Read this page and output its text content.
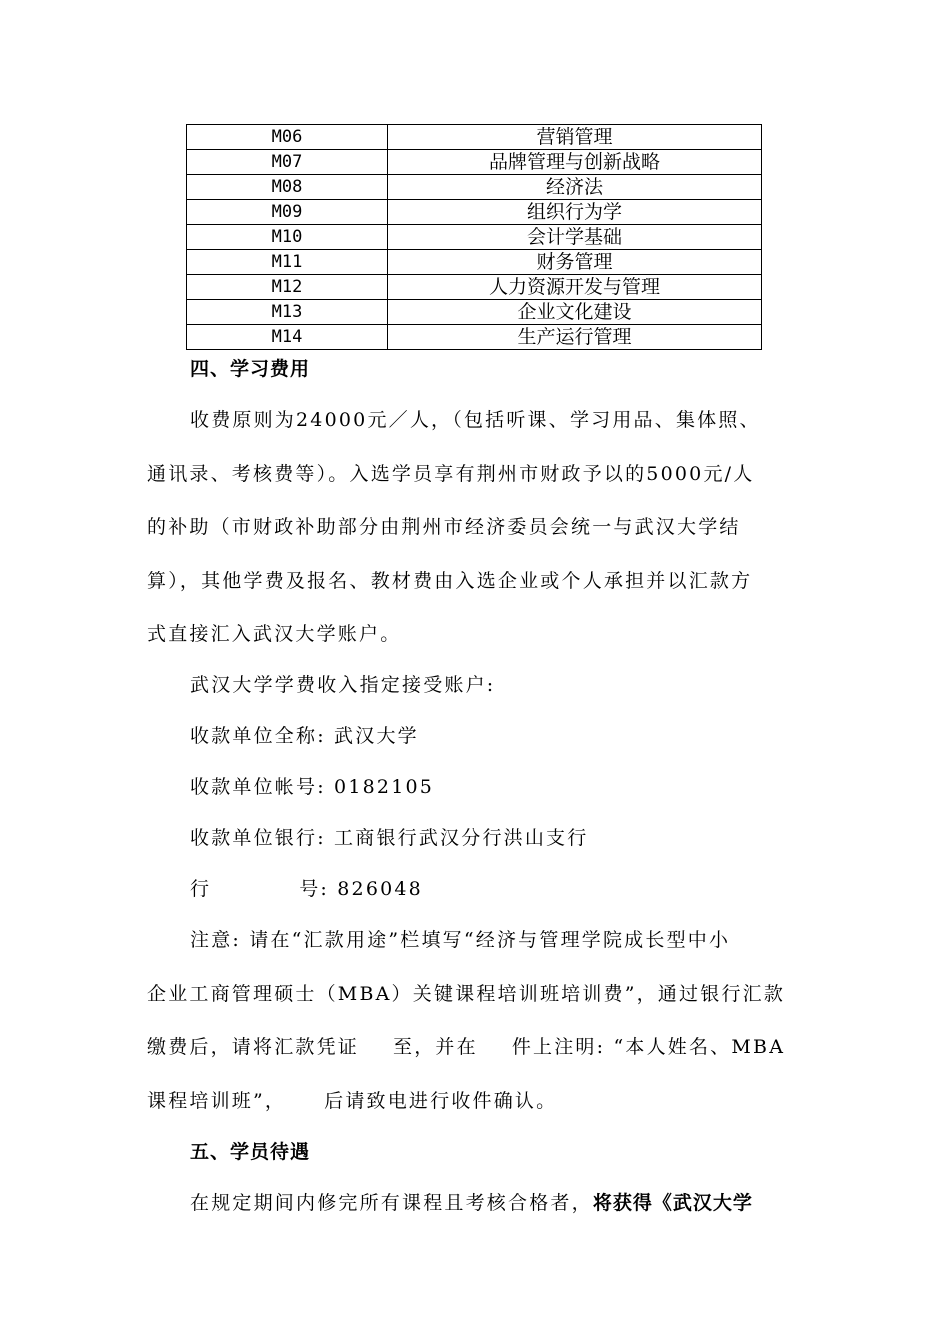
M06	营销管理
M07	品牌管理与创新战略
M08	经济法
M09	组织行为学
M10	会计学基础
M11	财务管理
M12	人力资源开发与管理
M13	企业文化建设
M14	生产运行管理
四、学习费用
收费原则为24000元／人，（包括听课、学习用品、集体照、
通讯录、考核费等）。入选学员享有荆州市财政予以的5000元/人
的补助（市财政补助部分由荆州市经济委员会统一与武汉大学结
算），其他学费及报名、教材费由入选企业或个人承担并以汇款方
式直接汇入武汉大学账户。
武汉大学学费收入指定接受账户:
收款单位全称: 武汉大学
收款单位帐号: 0182105
收款单位银行: 工商银行武汉分行洪山支行
行	号: 826048
注意: 请在“汇款用途”栏填写“经济与管理学院成长型中小
企业工商管理硕士（MBA）关键课程培训班培训费”，通过银行汇款
缴费后，请将汇款凭证 至，并在 件上注明: “本人姓名、MBA
课程培训班”， 后请致电进行收件确认。
五、学员待遇
在规定期间内修完所有课程且考核合格者，将获得《武汉大学
